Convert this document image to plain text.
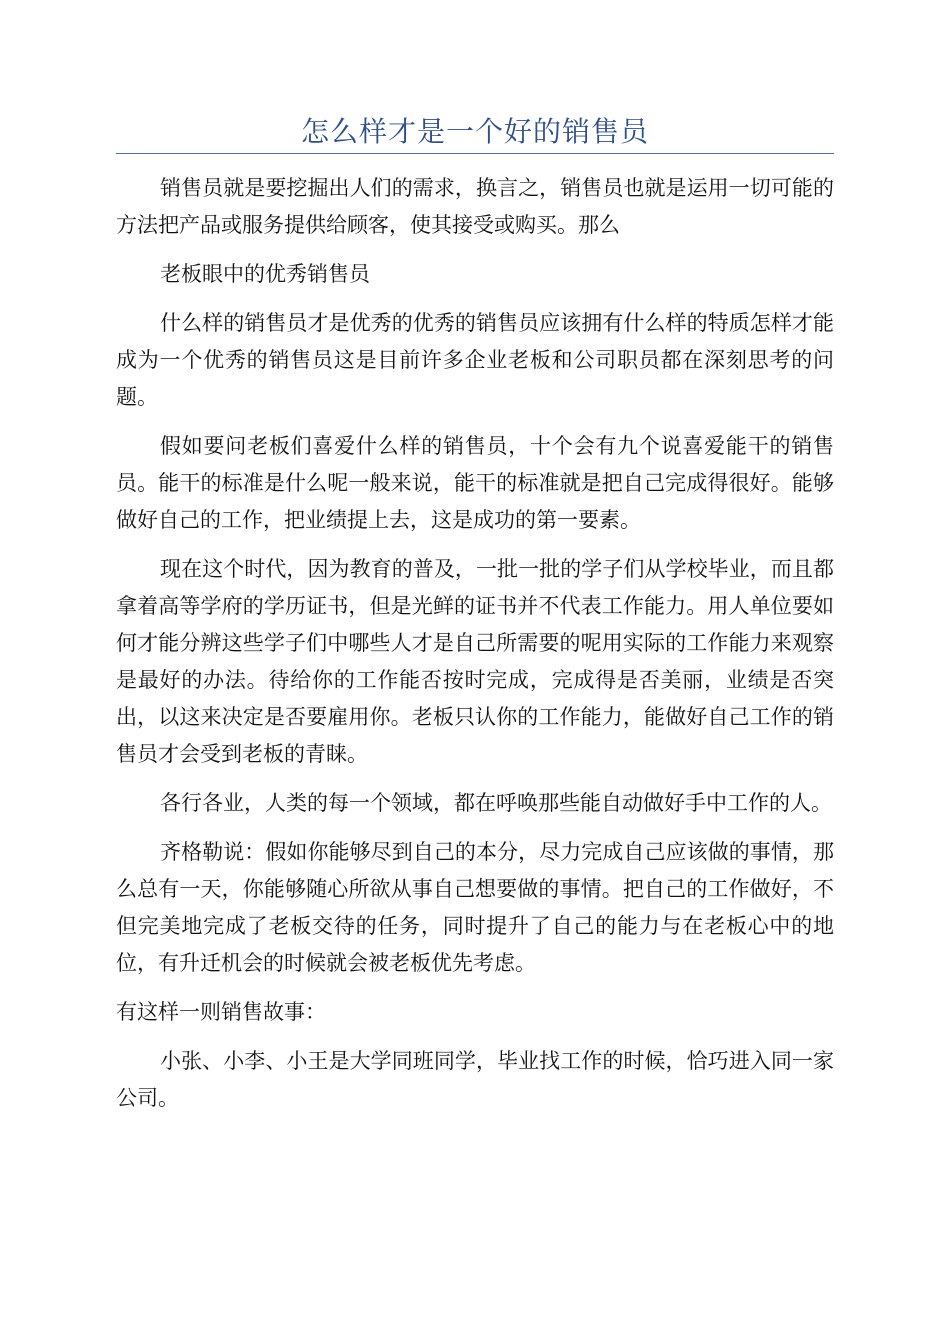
怎么样才是一个好的销售员

销售员就是要挖掘出人们的需求，换言之，销售员也就是运用一切可能的方法把产品或服务提供给顾客，使其接受或购买。那么

老板眼中的优秀销售员

什么样的销售员才是优秀的优秀的销售员应该拥有什么样的特质怎样才能成为一个优秀的销售员这是目前许多企业老板和公司职员都在深刻思考的问题。

假如要问老板们喜爱什么样的销售员，十个会有九个说喜爱能干的销售员。能干的标准是什么呢一般来说，能干的标准就是把自己完成得很好。能够做好自己的工作，把业绩提上去，这是成功的第一要素。

现在这个时代，因为教育的普及，一批一批的学子们从学校毕业，而且都拿着高等学府的学历证书，但是光鲜的证书并不代表工作能力。用人单位要如何才能分辨这些学子们中哪些人才是自己所需要的呢用实际的工作能力来观察是最好的办法。待给你的工作能否按时完成，完成得是否美丽，业绩是否突出，以这来决定是否要雇用你。老板只认你的工作能力，能做好自己工作的销售员才会受到老板的青睐。

各行各业，人类的每一个领域，都在呼唤那些能自动做好手中工作的人。

齐格勒说：假如你能够尽到自己的本分，尽力完成自己应该做的事情，那么总有一天，你能够随心所欲从事自己想要做的事情。把自己的工作做好，不但完美地完成了老板交待的任务，同时提升了自己的能力与在老板心中的地位，有升迁机会的时候就会被老板优先考虑。

有这样一则销售故事：

小张、小李、小王是大学同班同学，毕业找工作的时候，恰巧进入同一家公司。
